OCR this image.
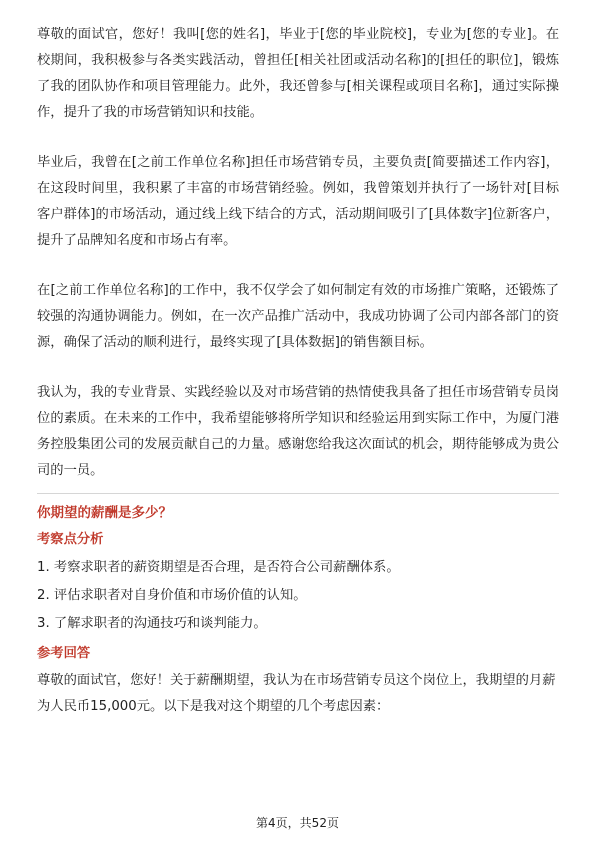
尊敬的面试官，您好！我叫[您的姓名]，毕业于[您的毕业院校]，专业为[您的专业]。在校期间，我积极参与各类实践活动，曾担任[相关社团或活动名称]的[担任的职位]，锻炼了我的团队协作和项目管理能力。此外，我还曾参与[相关课程或项目名称]，通过实际操作，提升了我的市场营销知识和技能。

毕业后，我曾在[之前工作单位名称]担任市场营销专员，主要负责[简要描述工作内容]，在这段时间里，我积累了丰富的市场营销经验。例如，我曾策划并执行了一场针对[目标客户群体]的市场活动，通过线上线下结合的方式，活动期间吸引了[具体数字]位新客户，提升了品牌知名度和市场占有率。

在[之前工作单位名称]的工作中，我不仅学会了如何制定有效的市场推广策略，还锻炼了较强的沟通协调能力。例如，在一次产品推广活动中，我成功协调了公司内部各部门的资源，确保了活动的顺利进行，最终实现了[具体数据]的销售额目标。

我认为，我的专业背景、实践经验以及对市场营销的热情使我具备了担任市场营销专员岗位的素质。在未来的工作中，我希望能够将所学知识和经验运用到实际工作中，为厦门港务控股集团公司的发展贡献自己的力量。感谢您给我这次面试的机会，期待能够成为贵公司的一员。

你期望的薪酬是多少？
考察点分析
1. 考察求职者的薪资期望是否合理，是否符合公司薪酬体系。
2. 评估求职者对自身价值和市场价值的认知。
3. 了解求职者的沟通技巧和谈判能力。
参考回答

尊敬的面试官，您好！关于薪酬期望，我认为在市场营销专员这个岗位上，我期望的月薪为人民币15,000元。以下是我对这个期望的几个考虑因素：

第4页，共52页
